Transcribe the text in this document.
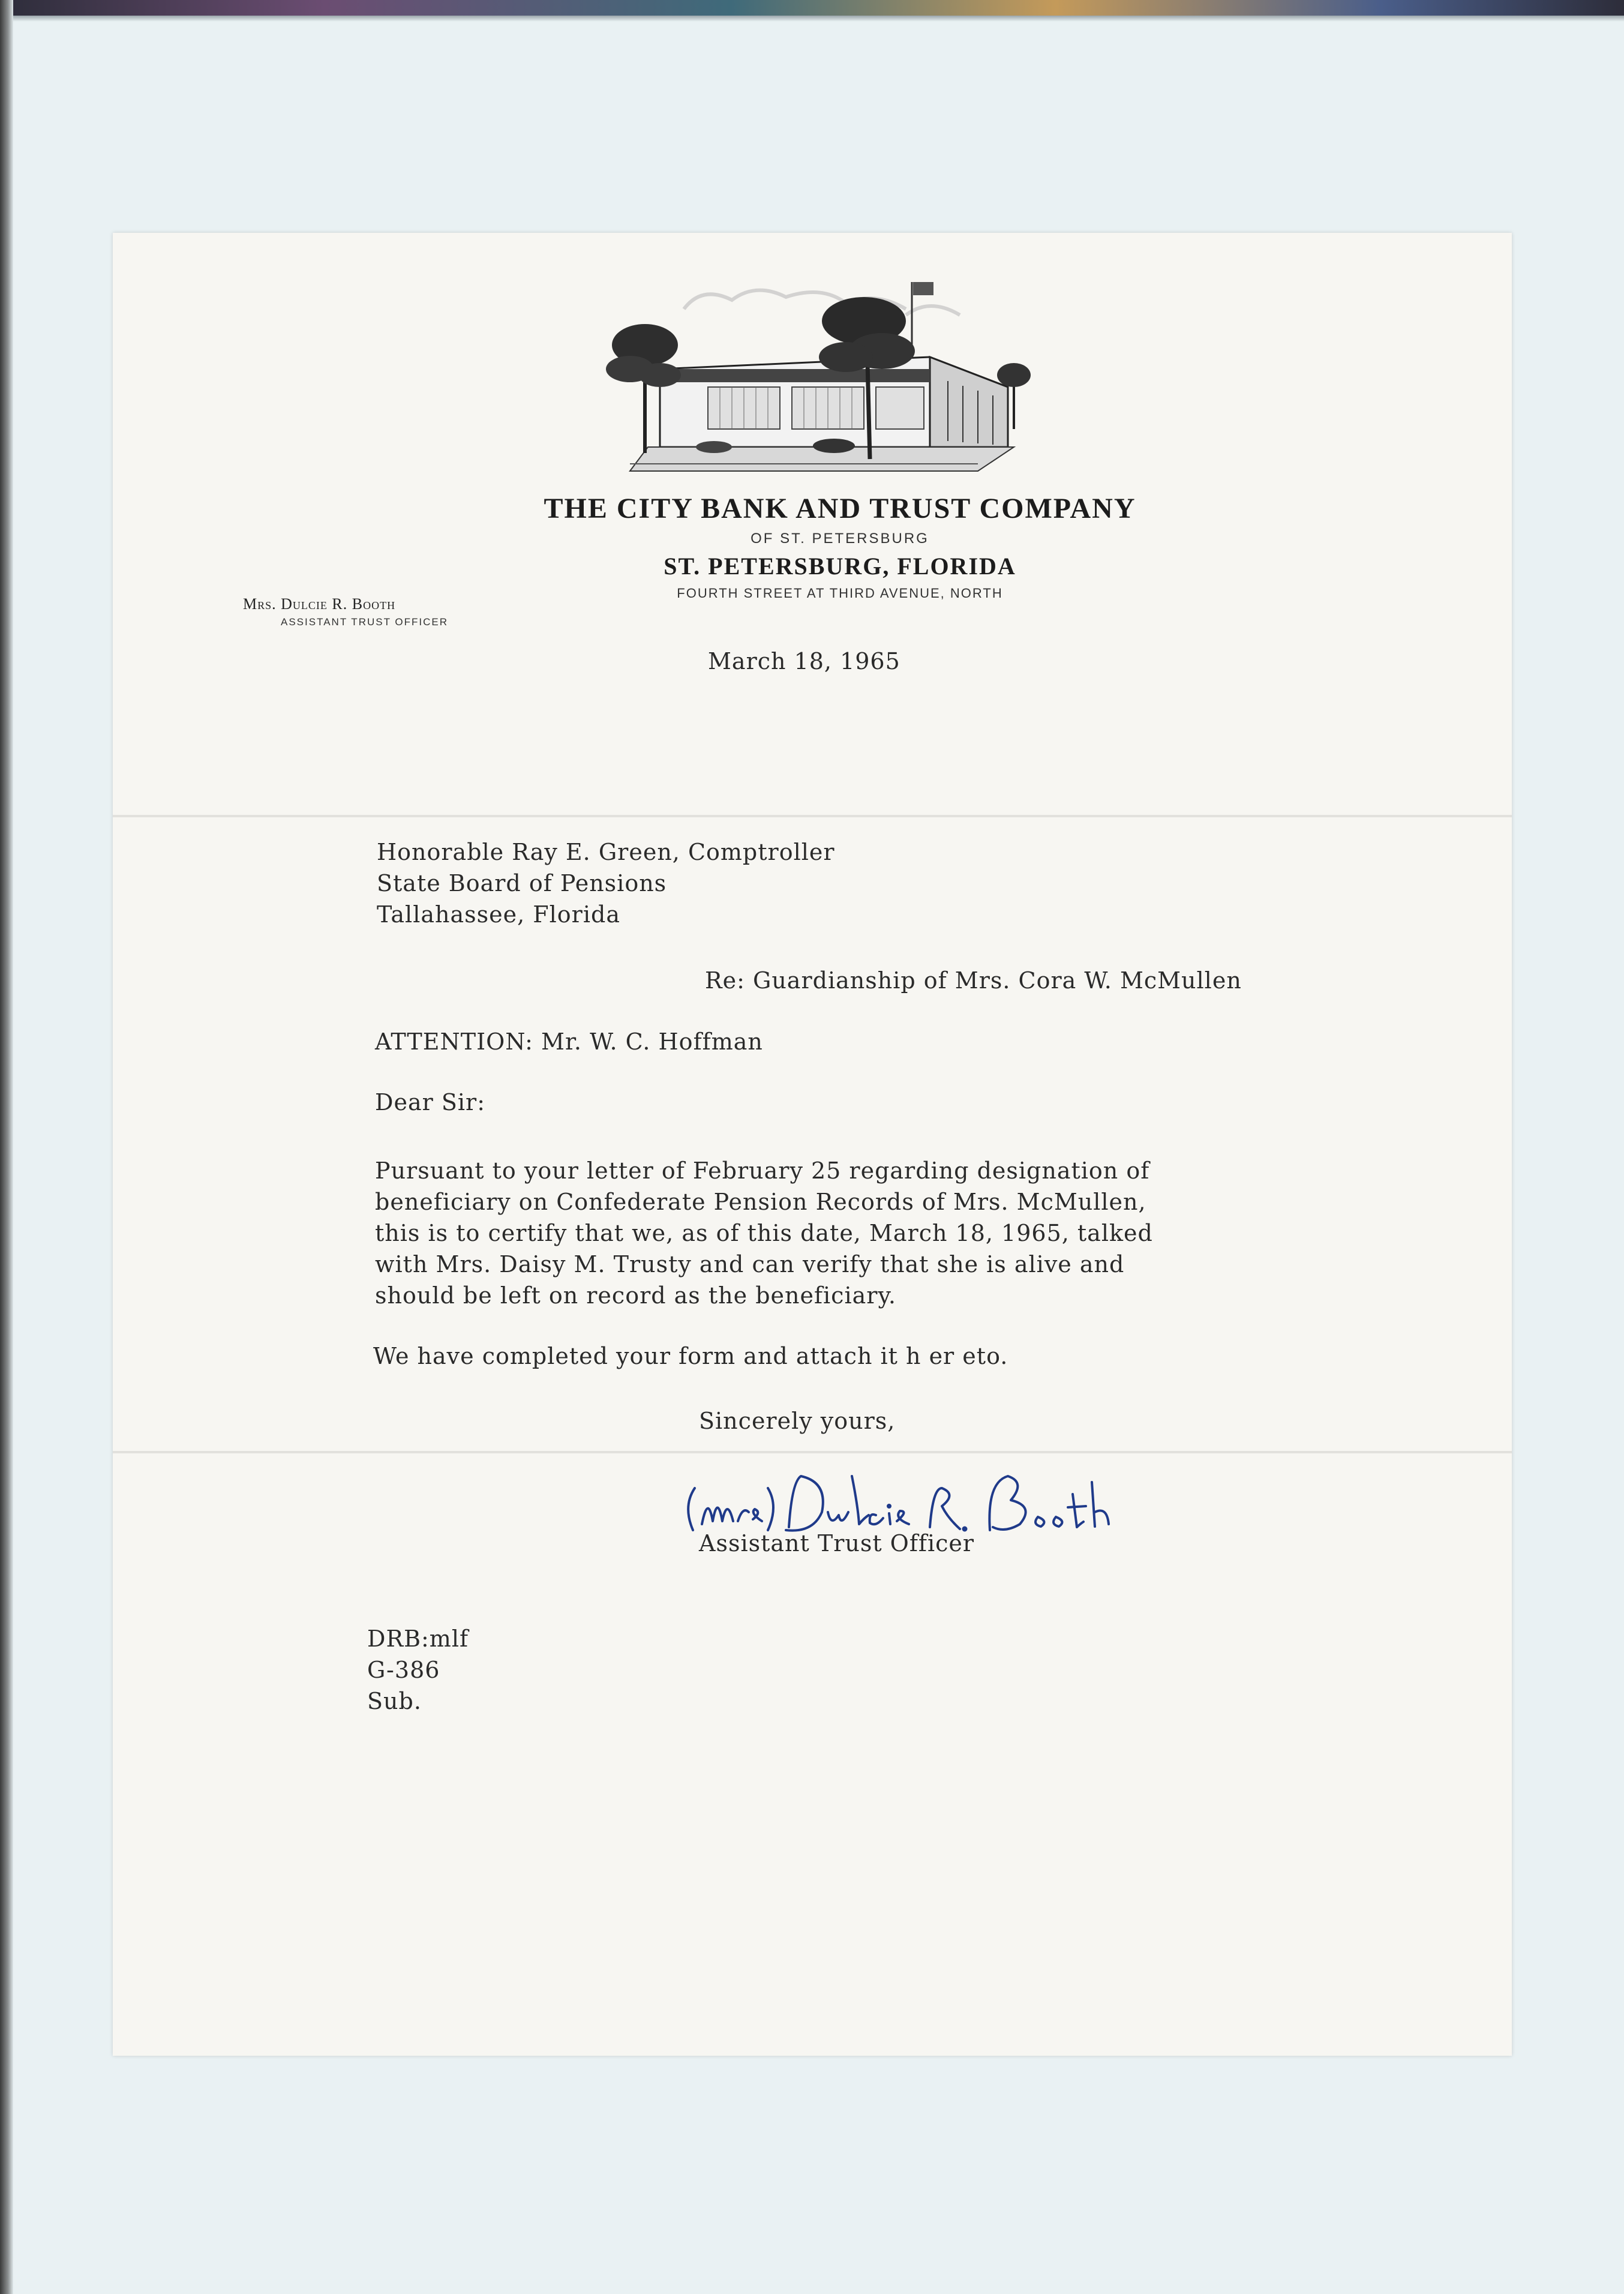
THE CITY BANK AND TRUST COMPANY
OF ST. PETERSBURG
ST. PETERSBURG, FLORIDA
FOURTH STREET AT THIRD AVENUE, NORTH
Mrs. Dulcie R. Booth
ASSISTANT TRUST OFFICER
March 18, 1965
Honorable Ray E. Green, Comptroller
State Board of Pensions
Tallahassee, Florida
Re: Guardianship of Mrs. Cora W. McMullen
ATTENTION: Mr. W. C. Hoffman
Dear Sir:
Pursuant to your letter of February 25 regarding designation of
beneficiary on Confederate Pension Records of Mrs. McMullen,
this is to certify that we, as of this date, March 18, 1965, talked
with Mrs. Daisy M. Trusty and can verify that she is alive and
should be left on record as the beneficiary.
We have completed your form and attach it h er eto.
Sincerely yours,
Assistant Trust Officer
DRB:mlf
G-386
Sub.
